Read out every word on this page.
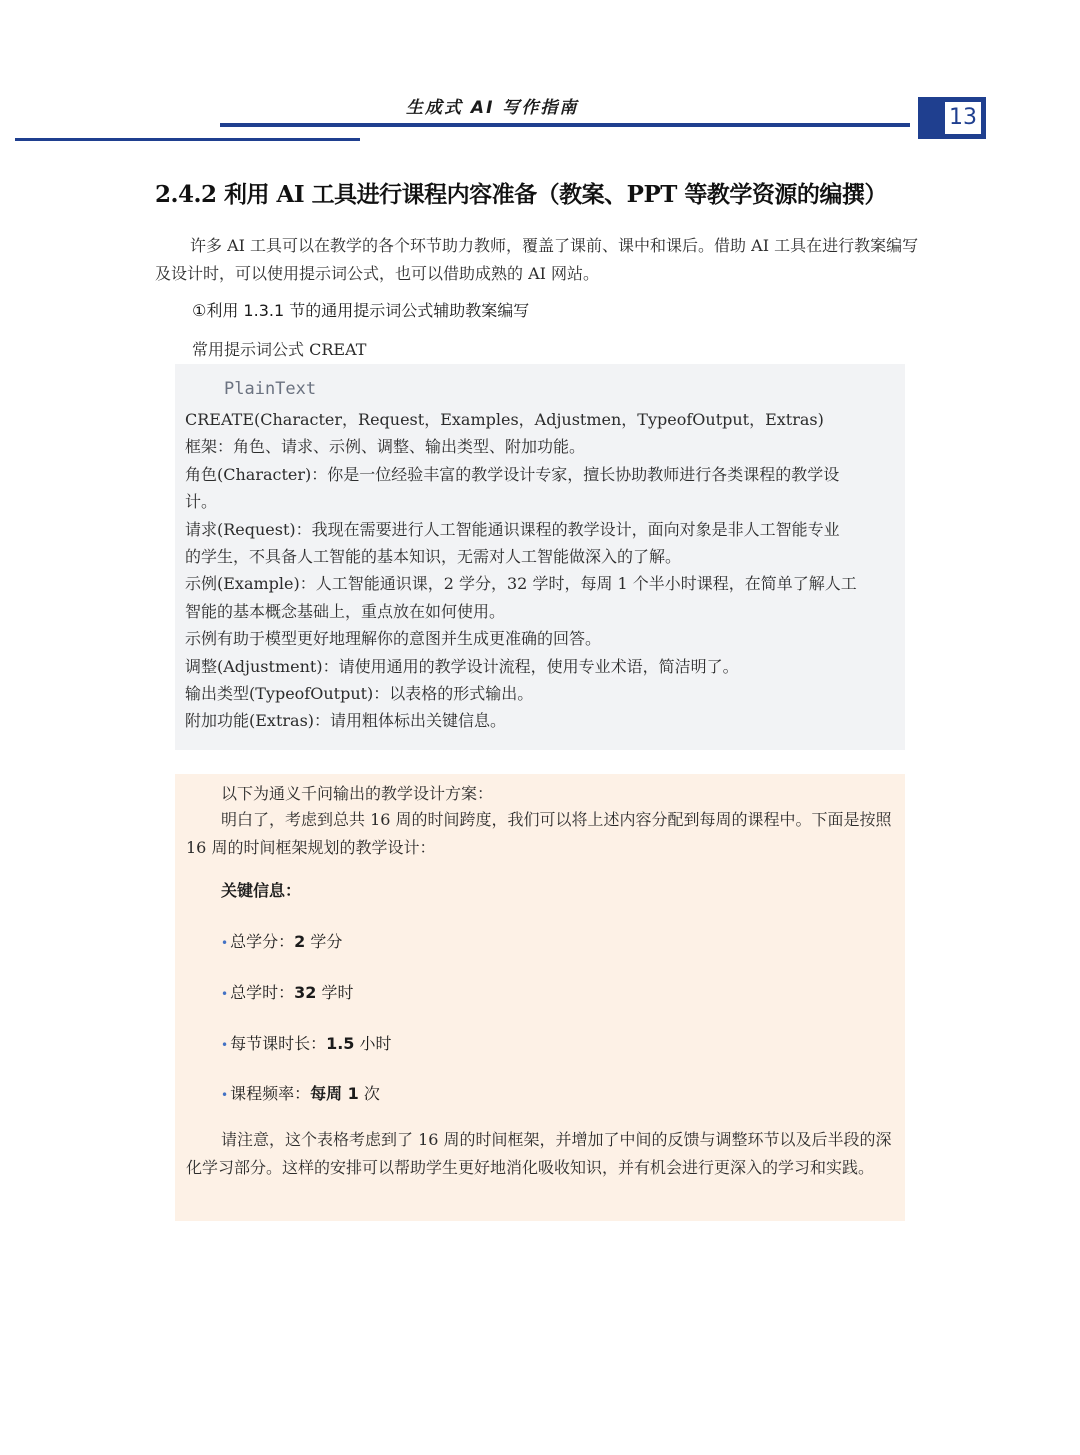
生成式 AI 写作指南	13
2.4.2 利用 AI 工具进行课程内容准备（教案、PPT 等教学资源的编撰）
许多 AI 工具可以在教学的各个环节助力教师，覆盖了课前、课中和课后。借助 AI 工具在进行教案编写及设计时，可以使用提示词公式，也可以借助成熟的 AI 网站。
①利用 1.3.1 节的通用提示词公式辅助教案编写
常用提示词公式 CREAT
PlainText
CREATE(Character，Request，Examples，Adjustmen，TypeofOutput，Extras)
框架：角色、请求、示例、调整、输出类型、附加功能。
角色(Character)：你是一位经验丰富的教学设计专家，擅长协助教师进行各类课程的教学设
计。
请求(Request)：我现在需要进行人工智能通识课程的教学设计，面向对象是非人工智能专业
的学生，不具备人工智能的基本知识，无需对人工智能做深入的了解。
示例(Example)：人工智能通识课，2 学分，32 学时，每周 1 个半小时课程，在简单了解人工
智能的基本概念基础上，重点放在如何使用。
示例有助于模型更好地理解你的意图并生成更准确的回答。
调整(Adjustment)：请使用通用的教学设计流程，使用专业术语，简洁明了。
输出类型(TypeofOutput)：以表格的形式输出。
附加功能(Extras)：请用粗体标出关键信息。
以下为通义千问输出的教学设计方案：
明白了，考虑到总共 16 周的时间跨度，我们可以将上述内容分配到每周的课程中。下面是按照 16 周的时间框架规划的教学设计：
关键信息：
• 总学分：2 学分
• 总学时：32 学时
• 每节课时长：1.5 小时
• 课程频率：每周 1 次
请注意，这个表格考虑到了 16 周的时间框架，并增加了中间的反馈与调整环节以及后半段的深化学习部分。这样的安排可以帮助学生更好地消化吸收知识，并有机会进行更深入的学习和实践。
